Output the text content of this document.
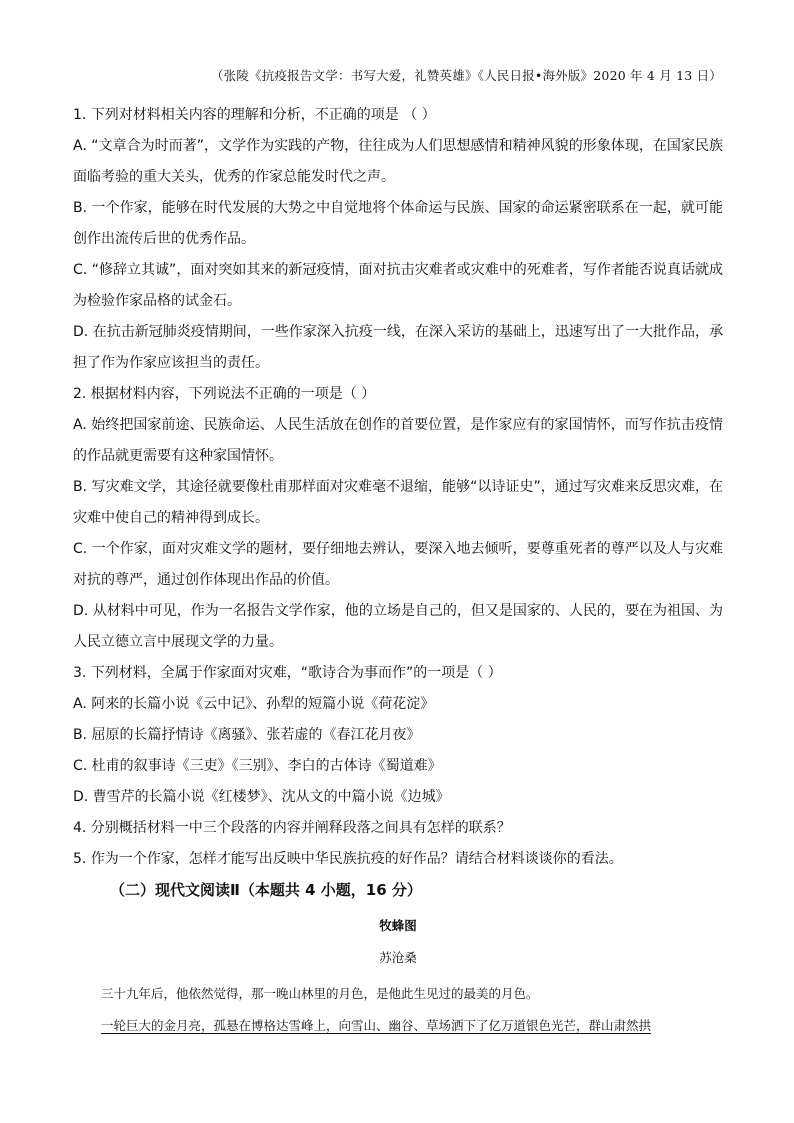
（张陵《抗疫报告文学：书写大爱，礼赞英雄》《人民日报•海外版》2020 年 4 月 13 日）

1. 下列对材料相关内容的理解和分析，不正确的项是 （ ）

A. “文章合为时而著”，文学作为实践的产物，往往成为人们思想感情和精神风貌的形象体现，在国家民族面临考验的重大关头，优秀的作家总能发时代之声。

B. 一个作家，能够在时代发展的大势之中自觉地将个体命运与民族、国家的命运紧密联系在一起，就可能创作出流传后世的优秀作品。

C. “修辞立其诚”，面对突如其来的新冠疫情，面对抗击灾难者或灾难中的死难者，写作者能否说真话就成为检验作家品格的试金石。

D. 在抗击新冠肺炎疫情期间，一些作家深入抗疫一线，在深入采访的基础上，迅速写出了一大批作品，承担了作为作家应该担当的责任。

2. 根据材料内容，下列说法不正确的一项是（ ）

A. 始终把国家前途、民族命运、人民生活放在创作的首要位置，是作家应有的家国情怀，而写作抗击疫情的作品就更需要有这种家国情怀。

B. 写灾难文学，其途径就要像杜甫那样面对灾难毫不退缩，能够“以诗证史”，通过写灾难来反思灾难，在灾难中使自己的精神得到成长。

C. 一个作家，面对灾难文学的题材，要仔细地去辨认，要深入地去倾听，要尊重死者的尊严以及人与灾难对抗的尊严，通过创作体现出作品的价值。

D. 从材料中可见，作为一名报告文学作家，他的立场是自己的，但又是国家的、人民的，要在为祖国、为人民立德立言中展现文学的力量。

3. 下列材料，全属于作家面对灾难，“歌诗合为事而作”的一项是（ ）

A. 阿来的长篇小说《云中记》、孙犁的短篇小说《荷花淀》

B. 屈原的长篇抒情诗《离骚》、张若虚的《春江花月夜》

C. 杜甫的叙事诗《三吏》《三别》、李白的古体诗《蜀道难》

D. 曹雪芹的长篇小说《红楼梦》、沈从文的中篇小说《边城》

4. 分别概括材料一中三个段落的内容并阐释段落之间具有怎样的联系？

5. 作为一个作家，怎样才能写出反映中华民族抗疫的好作品？请结合材料谈谈你的看法。

（二）现代文阅读Ⅱ（本题共 4 小题，16 分）

牧蜂图

苏沧桑

三十九年后，他依然觉得，那一晚山林里的月色，是他此生见过的最美的月色。

一轮巨大的金月亮，孤悬在博格达雪峰上，向雪山、幽谷、草场洒下了亿万道银色光芒，群山肃然拱
